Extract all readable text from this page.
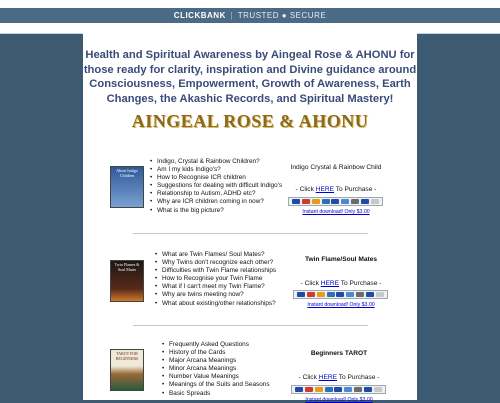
CLICKBANK | TRUSTED ● SECURE
Health and Spiritual Awareness by Aingeal Rose & AHONU for those ready for clarity, inspiration and Divine guidance around Consciousness, Empowerment, Growth of Awareness, Earth Changes, the Akashic Records, and Spiritual Mastery!
AINGEAL ROSE & AHONU
About Indigo Children
• Indigo, Crystal & Rainbow Children?
• Am I my kids Indigo's?
• How to Recognise ICR children
• Suggestions for dealing with difficult Indigo's
• Relationship to Autism, ADHD etc?
• Why are ICR children coming in now?
• What is the big picture?
Indigo Crystal & Rainbow Child
- Click HERE To Purchase -
Instant download! Only $3.00
Twin Flames & Soul Mates
• What are Twin Flames/ Soul Mates?
• Why Twins don't recognize each other?
• Difficulties with Twin Flame relationships
• How to Recognise your Twin Flame
• What if I can't meet my Twin Flame?
• Why are twins meeting now?
• What about existing/other relationships?
Twin Flame/Soul Mates
- Click HERE To Purchase -
Instant download! Only $3.00
TAROT FOR BEGINNERS
• Frequently Asked Questions
• History of the Cards
• Major Arcana Meanings
• Minor Arcana Meanings
• Number Value Meanings
• Meanings of the Suits and Seasons
• Basic Spreads
Beginners TAROT
- Click HERE To Purchase -
Instant download! Only $3.00
